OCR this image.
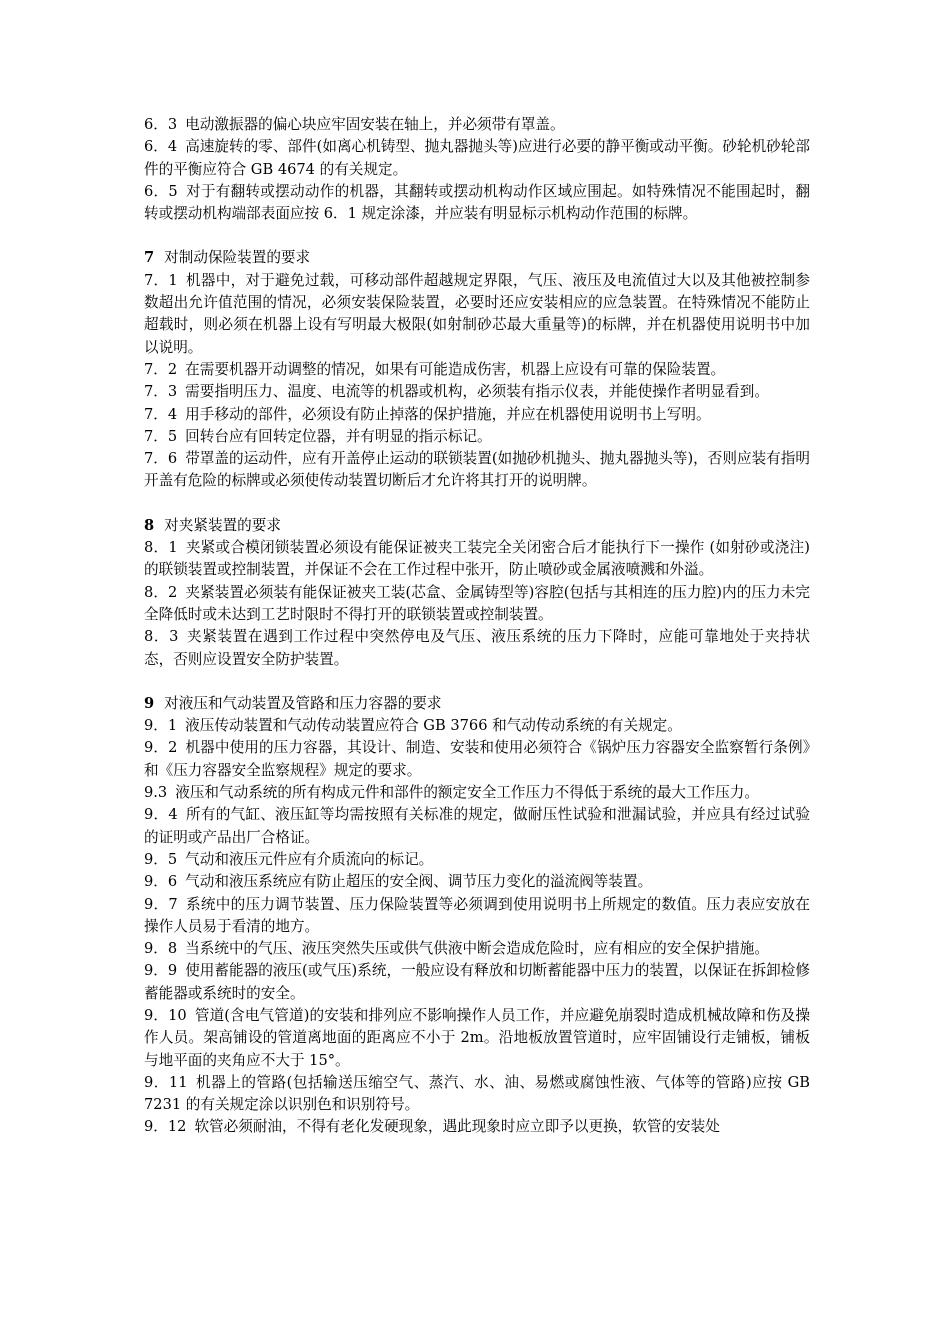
6．3 电动激振器的偏心块应牢固安装在轴上，并必须带有罩盖。

6．4 高速旋转的零、部件(如离心机铸型、抛丸器抛头等)应进行必要的静平衡或动平衡。砂轮机砂轮部件的平衡应符合 GB 4674 的有关规定。

6．5 对于有翻转或摆动动作的机器，其翻转或摆动机构动作区域应围起。如特殊情况不能围起时，翻转或摆动机构端部表面应按 6．1 规定涂漆，并应装有明显标示机构动作范围的标牌。

7 对制动保险装置的要求

7．1 机器中，对于避免过载，可移动部件超越规定界限，气压、液压及电流值过大以及其他被控制参数超出允许值范围的情况，必须安装保险装置，必要时还应安装相应的应急装置。在特殊情况不能防止超载时，则必须在机器上设有写明最大极限(如射制砂芯最大重量等)的标牌，并在机器使用说明书中加以说明。

7．2 在需要机器开动调整的情况，如果有可能造成伤害，机器上应设有可靠的保险装置。

7．3 需要指明压力、温度、电流等的机器或机构，必须装有指示仪表，并能使操作者明显看到。

7．4 用手移动的部件，必须设有防止掉落的保护措施，并应在机器使用说明书上写明。

7．5 回转台应有回转定位器，并有明显的指示标记。

7．6 带罩盖的运动件，应有开盖停止运动的联锁装置(如抛砂机抛头、抛丸器抛头等)，否则应装有指明开盖有危险的标牌或必须使传动装置切断后才允许将其打开的说明牌。

8 对夹紧装置的要求

8．1 夹紧或合模闭锁装置必须设有能保证被夹工装完全关闭密合后才能执行下一操作 (如射砂或浇注)的联锁装置或控制装置，并保证不会在工作过程中张开，防止喷砂或金属液喷溅和外溢。

8．2 夹紧装置必须装有能保证被夹工装(芯盒、金属铸型等)容腔(包括与其相连的压力腔)内的压力未完全降低时或未达到工艺时限时不得打开的联锁装置或控制装置。

8．3 夹紧装置在遇到工作过程中突然停电及气压、液压系统的压力下降时，应能可靠地处于夹持状态，否则应设置安全防护装置。

9 对液压和气动装置及管路和压力容器的要求

9．1 液压传动装置和气动传动装置应符合 GB 3766 和气动传动系统的有关规定。

9．2 机器中使用的压力容器，其设计、制造、安装和使用必须符合《锅炉压力容器安全监察暂行条例》和《压力容器安全监察规程》规定的要求。

9.3 液压和气动系统的所有构成元件和部件的额定安全工作压力不得低于系统的最大工作压力。

9．4 所有的气缸、液压缸等均需按照有关标准的规定，做耐压性试验和泄漏试验，并应具有经过试验的证明或产品出厂合格证。

9．5 气动和液压元件应有介质流向的标记。

9．6 气动和液压系统应有防止超压的安全阀、调节压力变化的溢流阀等装置。

9．7 系统中的压力调节装置、压力保险装置等必须调到使用说明书上所规定的数值。压力表应安放在操作人员易于看清的地方。

9．8 当系统中的气压、液压突然失压或供气供液中断会造成危险时，应有相应的安全保护措施。

9．9 使用蓄能器的液压(或气压)系统，一般应设有释放和切断蓄能器中压力的装置，以保证在拆卸检修蓄能器或系统时的安全。

9．10 管道(含电气管道)的安装和排列应不影响操作人员工作，并应避免崩裂时造成机械故障和伤及操作人员。架高铺设的管道离地面的距离应不小于 2m。沿地板放置管道时，应牢固铺设行走铺板，铺板与地平面的夹角应不大于 15°。

9．11 机器上的管路(包括输送压缩空气、蒸汽、水、油、易燃或腐蚀性液、气体等的管路)应按 GB 7231 的有关规定涂以识别色和识别符号。

9．12 软管必须耐油，不得有老化发硬现象，遇此现象时应立即予以更换，软管的安装处
